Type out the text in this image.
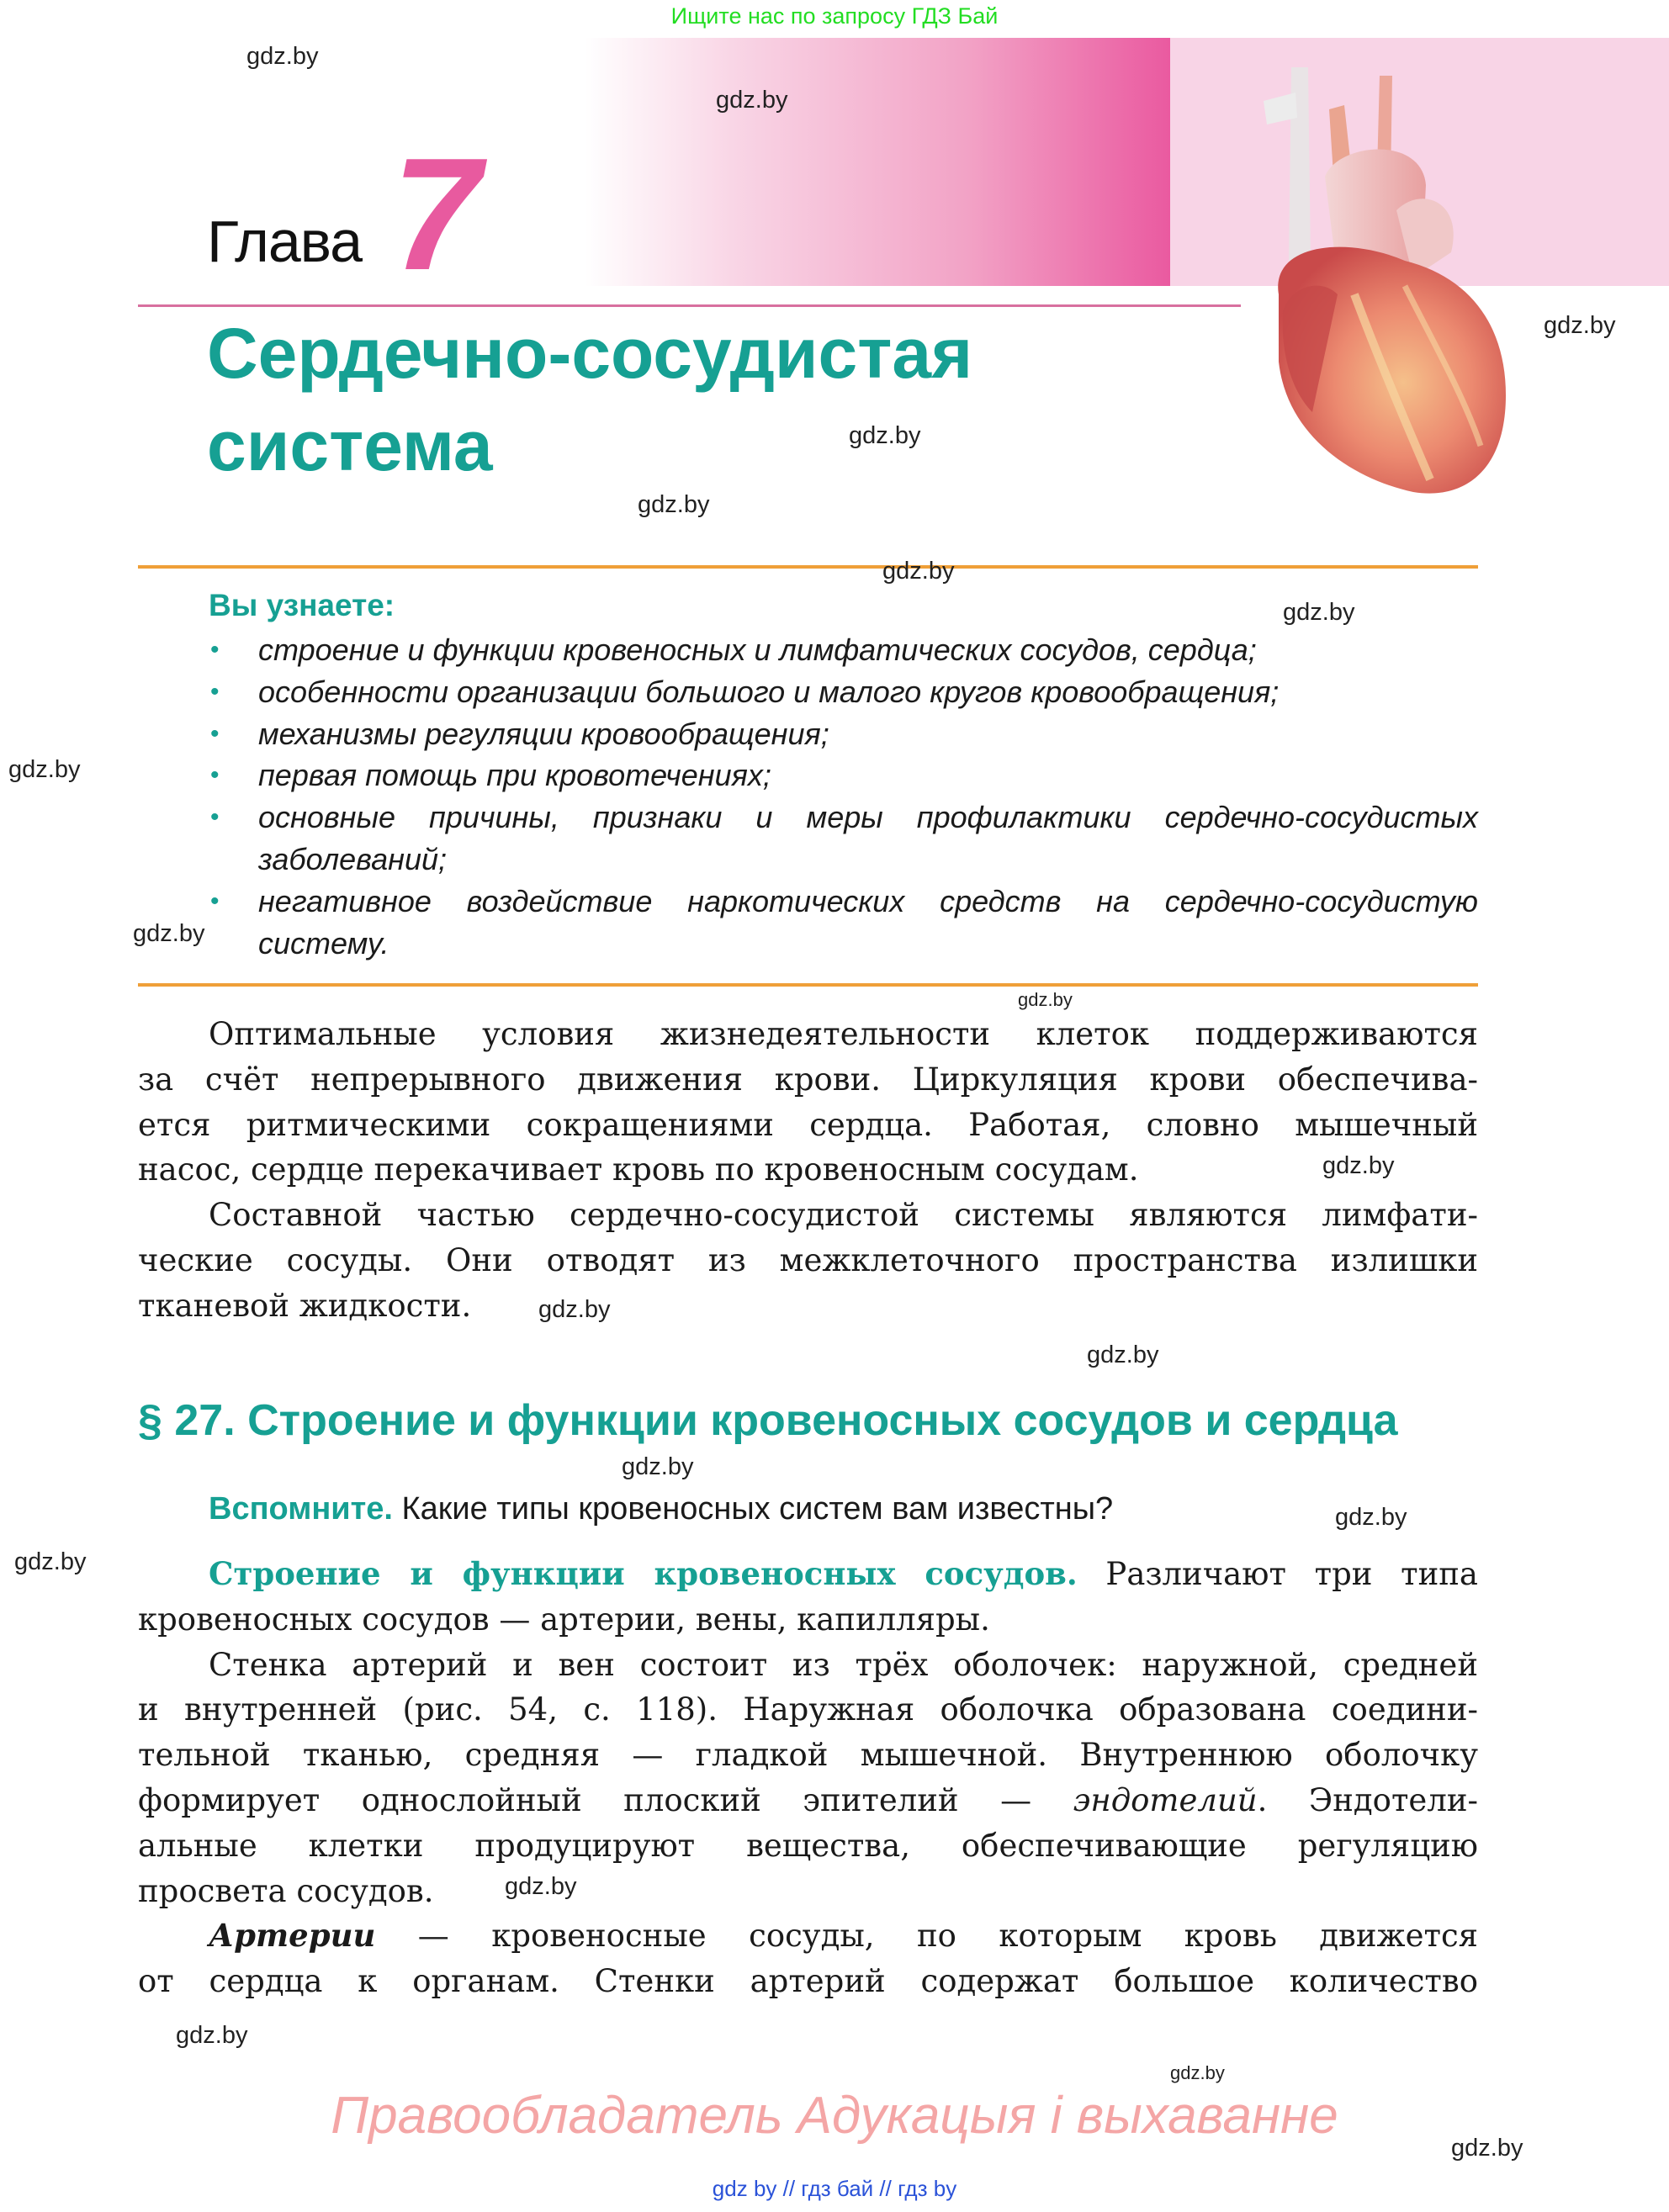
Ищите нас по запросу ГДЗ Бай
Глава 7
Сердечно-сосудистая
система
Вы узнаете:
• строение и функции кровеносных и лимфатических сосудов, сердца;
• особенности организации большого и малого кругов кровообращения;
• механизмы регуляции кровообращения;
• первая помощь при кровотечениях;
• основные причины, признаки и меры профилактики сердечно-сосудистых
заболеваний;
• негативное воздействие наркотических средств на сердечно-сосудистую
систему.
Оптимальные условия жизнедеятельности клеток поддерживаются
за счёт непрерывного движения крови. Циркуляция крови обеспечива-
ется ритмическими сокращениями сердца. Работая, словно мышечный
насос, сердце перекачивает кровь по кровеносным сосудам.
Составной частью сердечно-сосудистой системы являются лимфати-
ческие сосуды. Они отводят из межклеточного пространства излишки
тканевой жидкости.
§ 27. Строение и функции кровеносных сосудов и сердца
Вспомните. Какие типы кровеносных систем вам известны?
Строение и функции кровеносных сосудов. Различают три типа
кровеносных сосудов — артерии, вены, капилляры.
Стенка артерий и вен состоит из трёх оболочек: наружной, средней
и внутренней (рис. 54, с. 118). Наружная оболочка образована соедини-
тельной тканью, средняя — гладкой мышечной. Внутреннюю оболочку
формирует однослойный плоский эпителий — эндотелий. Эндотели-
альные клетки продуцируют вещества, обеспечивающие регуляцию
просвета сосудов.
Артерии — кровеносные сосуды, по которым кровь движется
от сердца к органам. Стенки артерий содержат большое количество
Правообладатель Адукацыя і выхаванне
gdz by // гдз бай // гдз by
gdz.by
gdz.by
gdz.by
gdz.by
gdz.by
gdz.by
gdz.by
gdz.by
gdz.by
gdz.by
gdz.by
gdz.by
gdz.by
gdz.by
gdz.by
gdz.by
gdz.by
gdz.by
gdz.by
gdz.by
